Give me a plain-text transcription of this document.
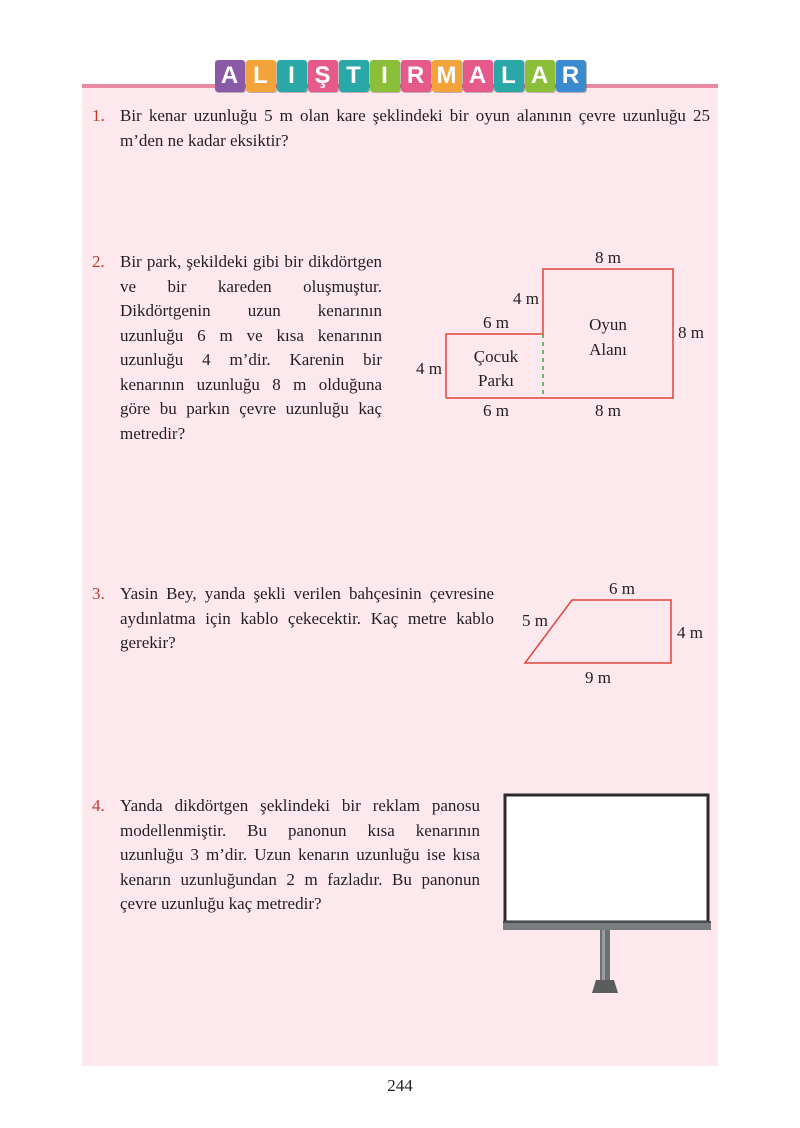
A L I Ş T I R M A L A R
1. Bir kenar uzunluğu 5 m olan kare şeklindeki bir oyun alanının çevre uzunluğu 25 m’den ne kadar eksiktir?
2. Bir park, şekildeki gibi bir dikdörtgen ve bir kareden oluşmuştur. Dikdörtgenin uzun kenarının uzunluğu 6 m ve kısa kenarının uzunluğu 4 m’dir. Karenin bir kenarının uzunluğu 8 m olduğuna göre bu parkın çevre uzunluğu kaç metredir?
8 m
4 m
6 m
8 m
4 m
6 m	8 m
Çocuk
Parkı
Oyun
Alanı
3. Yasin Bey, yanda şekli verilen bahçesinin çevresine aydınlatma için kablo çekecektir. Kaç metre kablo gerekir?
6 m
5 m
4 m
9 m
4. Yanda dikdörtgen şeklindeki bir reklam panosu modellenmiştir. Bu panonun kısa kenarının uzunluğu 3 m’dir. Uzun kenarın uzunluğu ise kısa kenarın uzunluğundan 2 m fazladır. Bu panonun çevre uzunluğu kaç metredir?
244
